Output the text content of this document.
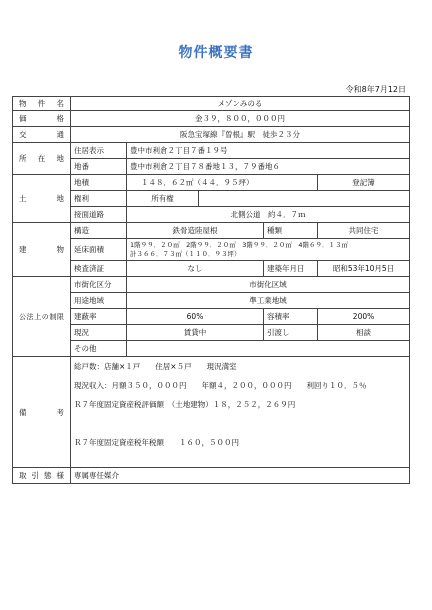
物件概要書
令和8年7月12日
物件名	メゾンみのる				
価格	金３９，８００，０００円				
交通	阪急宝塚線『曽根』駅　徒歩２３分				
所在地	住居表示	豊中市利倉２丁目７番１９号			
	地番	豊中市利倉２丁目７８番地１３，７９番地６			
土地	地積	１４８．６２㎡（４４．９５坪）			登記簿
	権利	所有権			
	接面道路	北側公道　約４．７ｍ			
建物	構造	鉄骨造陸屋根		種類	共同住宅
	延床面積	1階９９．２０㎡　2階９９．２０㎡　3階９９．２０㎡　4階６９．１３㎡
計３６６．７３㎡（１１０．９３坪）			

	検査済証	なし		建築年月日	昭和53年10月5日
公法上の制限	市街化区分	市街化区域			
	用途地域	準工業地域			
	建蔽率	60%		容積率	200%
	現況	賃貸中		引渡し	相談
	その他				
備考	総戸数：店舗×１戸　　住居×５戸　　現況満室
現況収入：月額３５０，０００円　　年額４，２００，０００円　　利回り１０．５％
Ｒ７年度固定資産税評価額　（土地建物）１８，２５２，２６９円
Ｒ７年度固定資産税年税額　　１６０，５００円				

取引態様	専属専任媒介				
